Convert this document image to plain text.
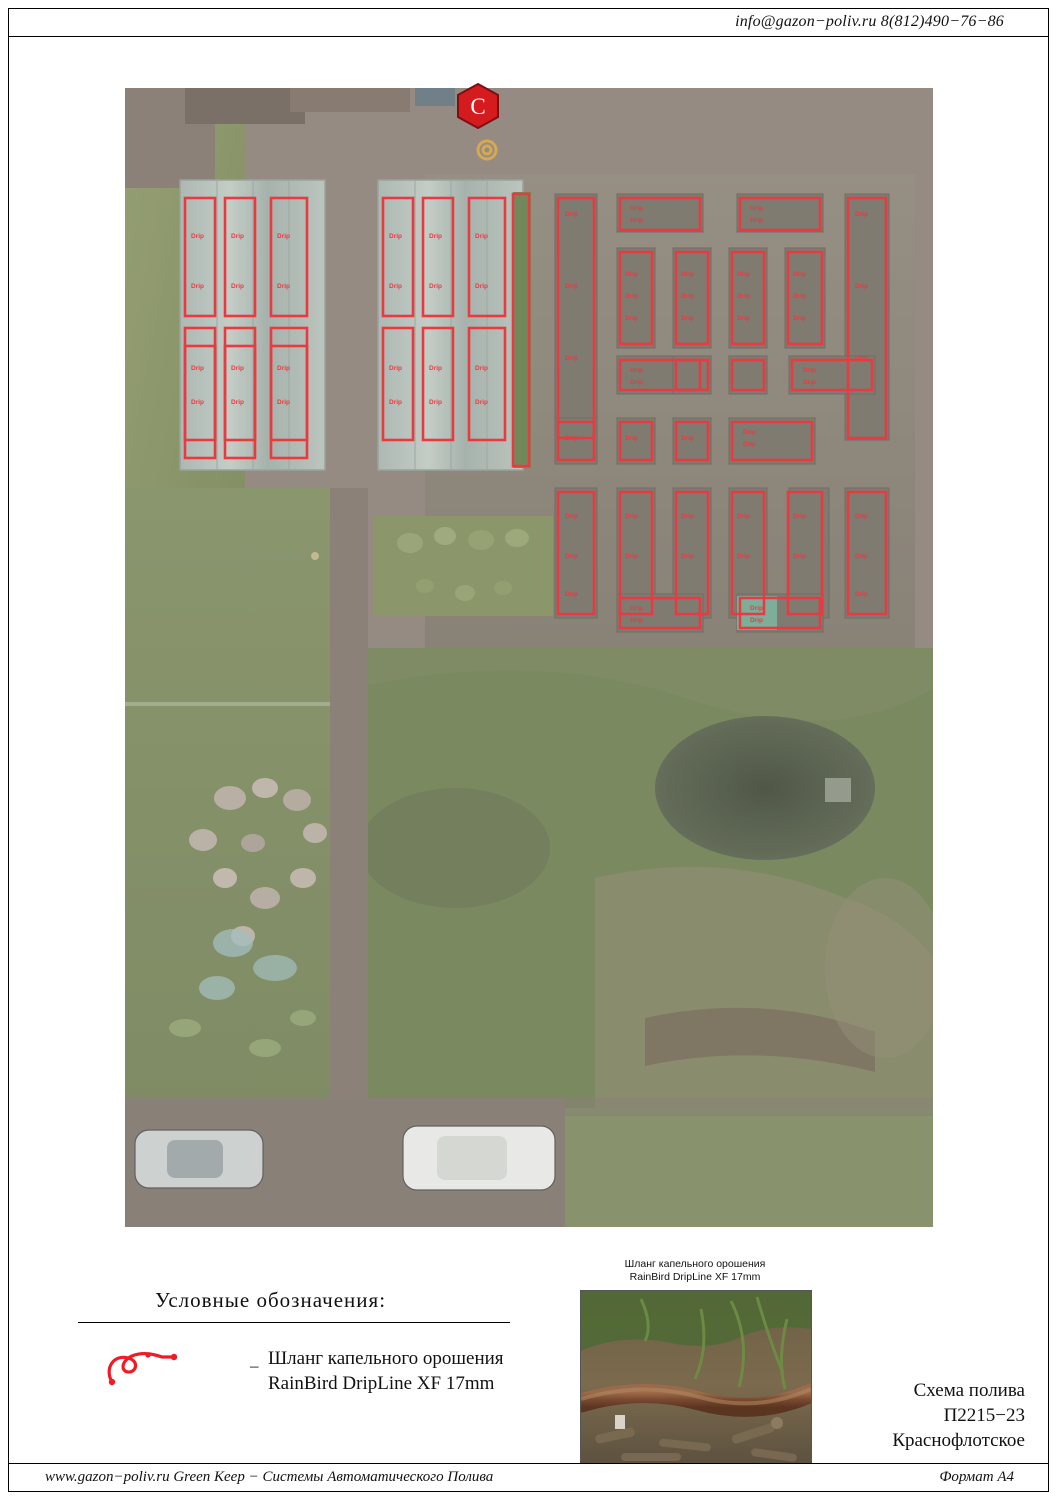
info@gazon−poliv.ru 8(812)490−76−86
Drip
Drip
Drip
Drip
Drip
Drip
Drip
Drip
Drip
Drip
Drip
Drip
Drip
Drip
Drip
Drip
Drip
Drip
Drip
Drip
Drip
Drip
Drip
Drip
Drip
Drip
Drip	Drip	Drip
Drip
Drip
Drip
Drip
Drip
Drip
Drip
Drip
Drip
Drip
Drip
Drip
Drip
Drip
Drip
Drip
Drip
Drip
Drip
Drip
Drip
Drip
Drip
Drip
Drip
Drip
Drip
Drip
Drip
Drip
Drip
Drip
Drip
Drip
Drip
Drip
Drip
Drip
Drip
Drip
Drip
Drip
Drip
Drip
C
Условные обозначения:
– Шланг капельного орошения
RainBird DripLine XF 17mm
Шланг капельного орошения
RainBird DripLine XF 17mm
Схема полива
П2215−23
Краснофлотское
www.gazon−poliv.ru Green Keep − Системы Автоматического Полива	Формат А4
